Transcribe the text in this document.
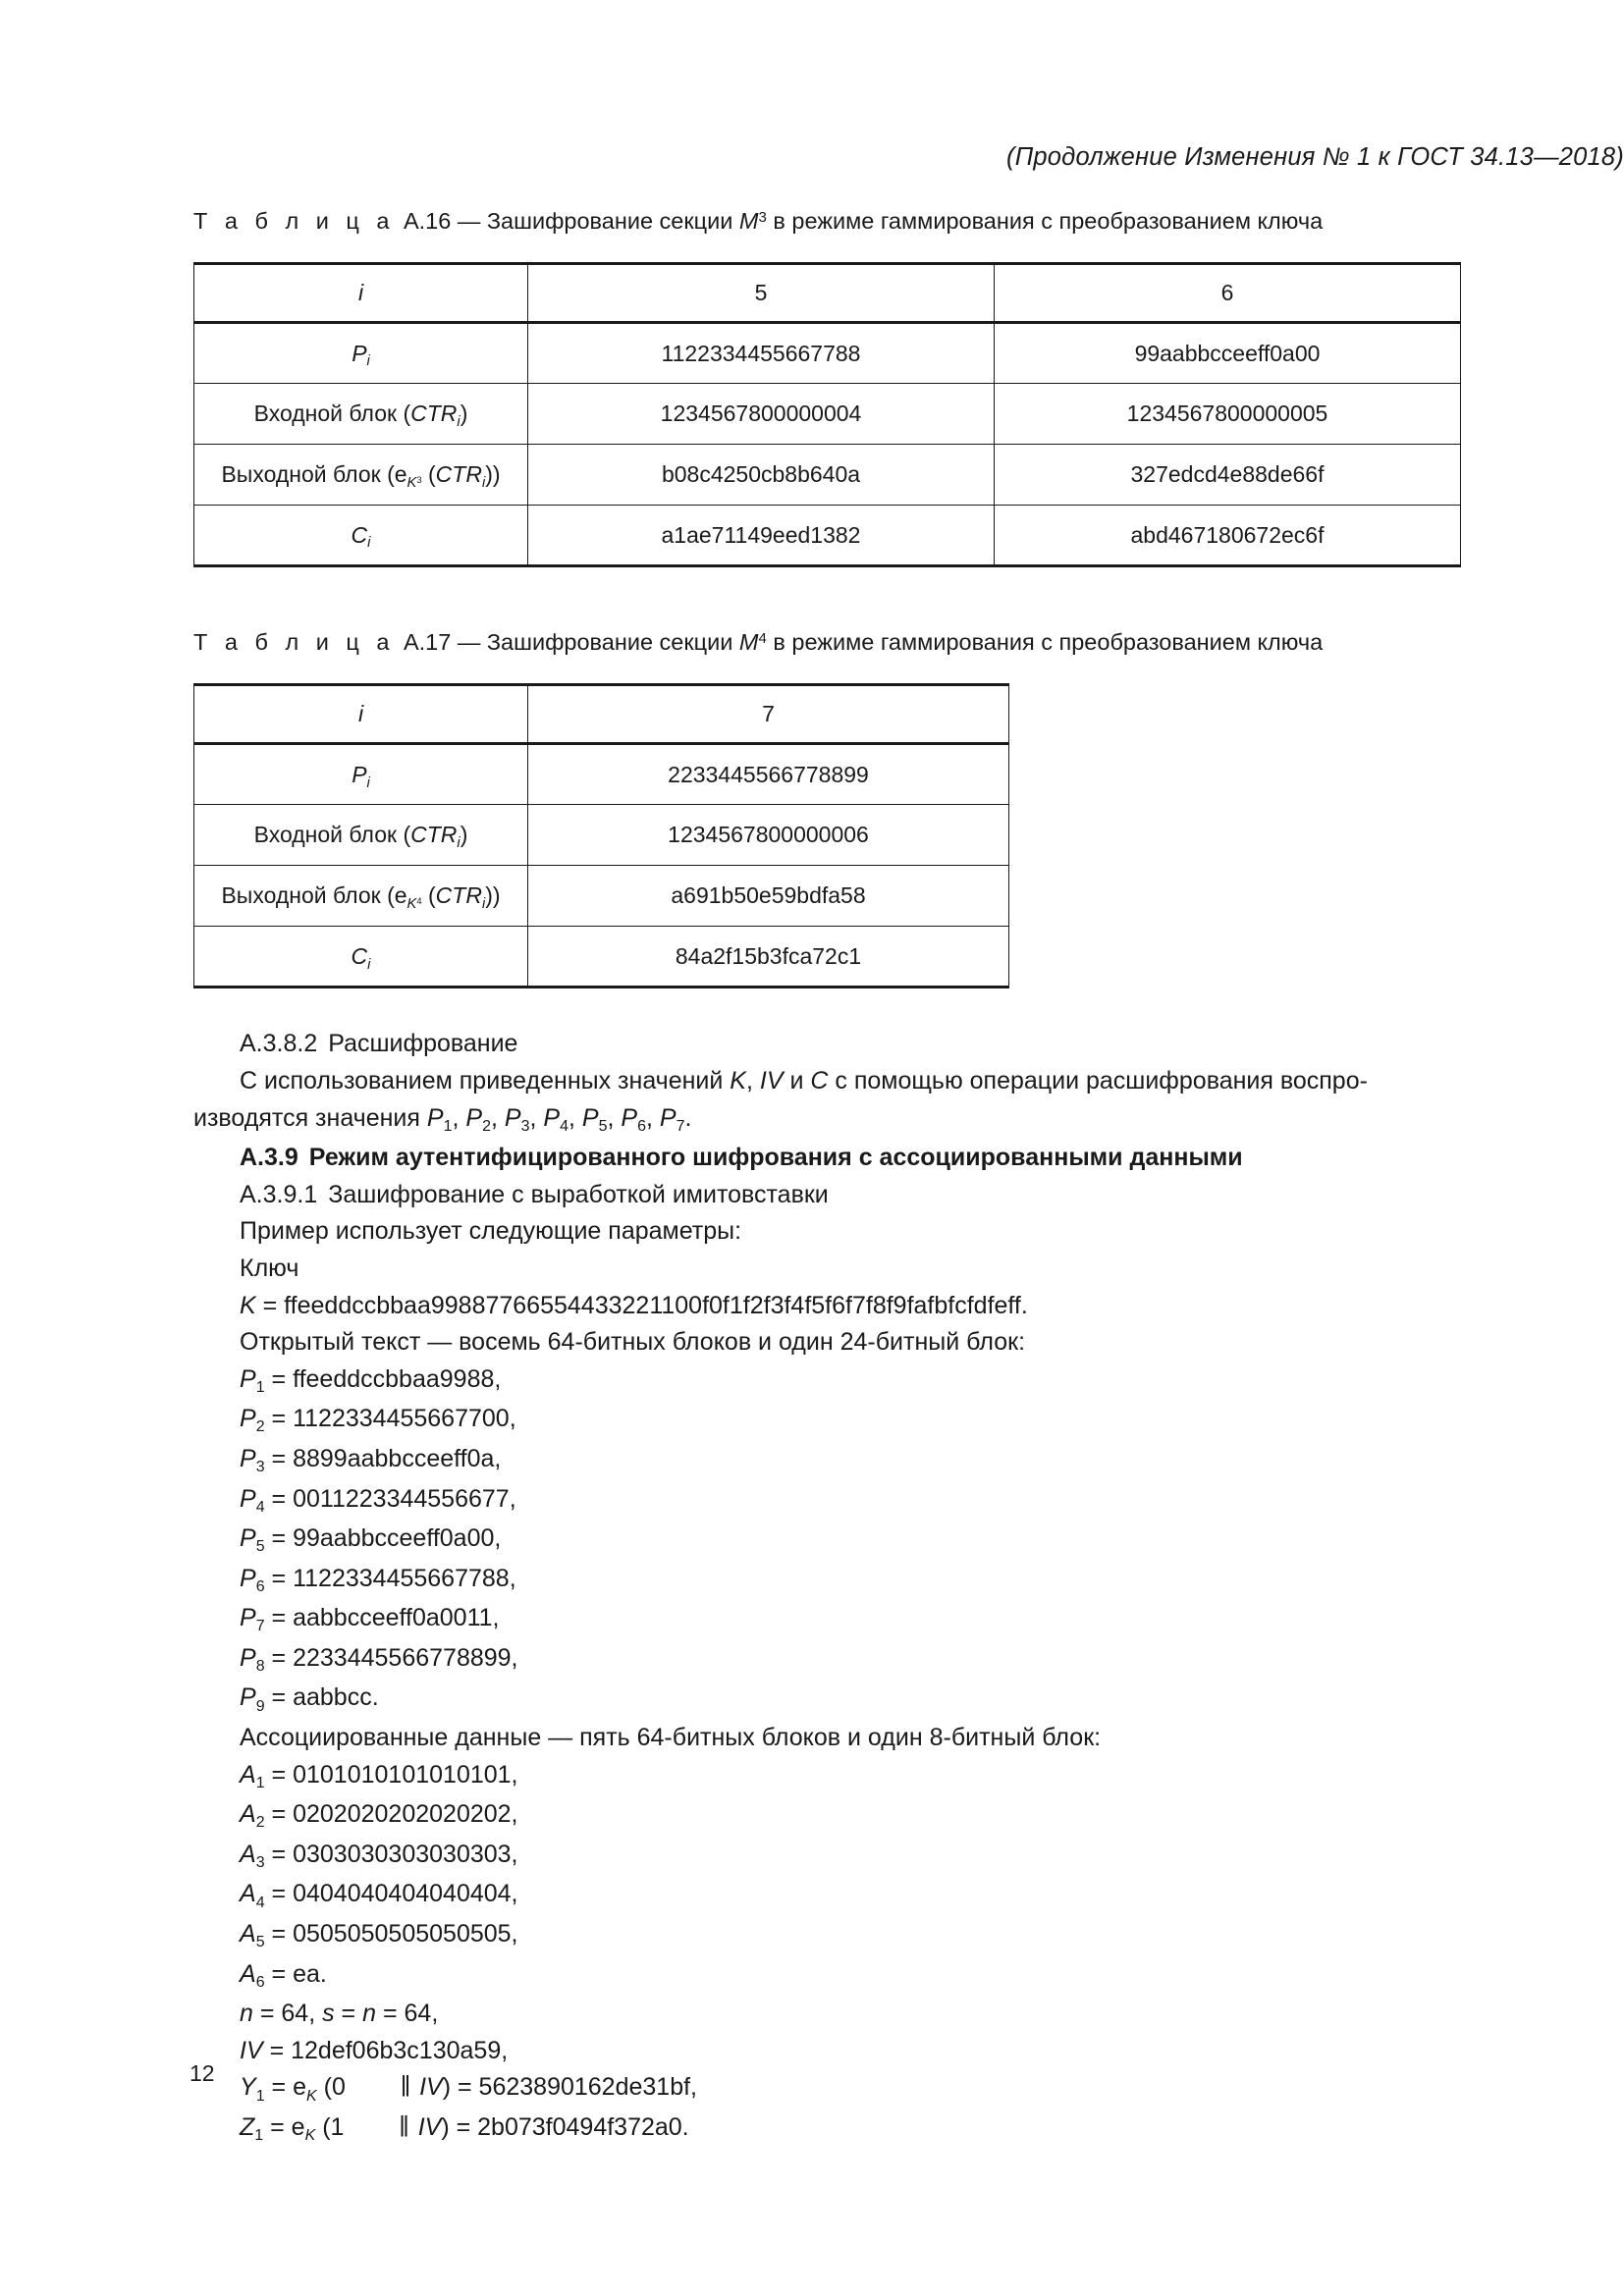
(Продолжение Изменения № 1 к ГОСТ 34.13—2018)
Т а б л и ц а А.16 — Зашифрование секции $M^3$ в режиме гаммирования с преобразованием ключа
i	5	6
$P_i$	1122334455667788	99aabbcceeff0a00
Входной блок $(CTR_i)$	1234567800000004	1234567800000005
Выходной блок ($e_{K^3}$ $(CTR_i)$)	b08c4250cb8b640a	327edcd4e88de66f
$C_i$	a1ae71149eed1382	abd467180672ec6f
Т а б л и ц а А.17 — Зашифрование секции $M^4$ в режиме гаммирования с преобразованием ключа
i	7
$P_i$	2233445566778899
Входной блок $(CTR_i)$	1234567800000006
Выходной блок ($e_{K^4}$ $(CTR_i)$)	a691b50e59bdfa58
$C_i$	84a2f15b3fca72c1
А.3.8.2 Расшифрование
С использованием приведенных значений K, IV и C с помощью операции расшифрования воспро-
изводятся значения $P_1$, $P_2$, $P_3$, $P_4$, $P_5$, $P_6$, $P_7$.
А.3.9 Режим аутентифицированного шифрования с ассоциированными данными
А.3.9.1 Зашифрование с выработкой имитовставки
Пример использует следующие параметры:
Ключ
K = ffeeddccbbaa99887766554433221100f0f1f2f3f4f5f6f7f8f9fafbfcfdfeff.
Открытый текст — восемь 64-битных блоков и один 24-битный блок:
$P_1$ = ffeeddccbbaa9988,
$P_2 = 1122334455667700$,
$P_3$ = 8899aabbcceeff0a,
$P_4 = 0011223344556677$,
$P_5$ = 99aabbcceeff0a00,
$P_6 = 1122334455667788$,
$P_7$ = aabbcceeff0a0011,
$P_8 = 2233445566778899$,
$P_9$ = aabbcc.
Ассоциированные данные — пять 64-битных блоков и один 8-битный блок:
$A_1 = 0101010101010101$,
$A_2 = 0202020202020202$,
$A_3 = 0303030303030303$,
$A_4 = 0404040404040404$,
$A_5 = 0505050505050505$,
$A_6$ = ea.
n = 64, s = n = 64,
IV = 12def06b3c130a59,
$Y_1 = e_K$ (0 ‖ IV) = 5623890162de31bf,
$Z_1 = e_K$ (1 ‖ IV) = 2b073f0494f372a0.
12
